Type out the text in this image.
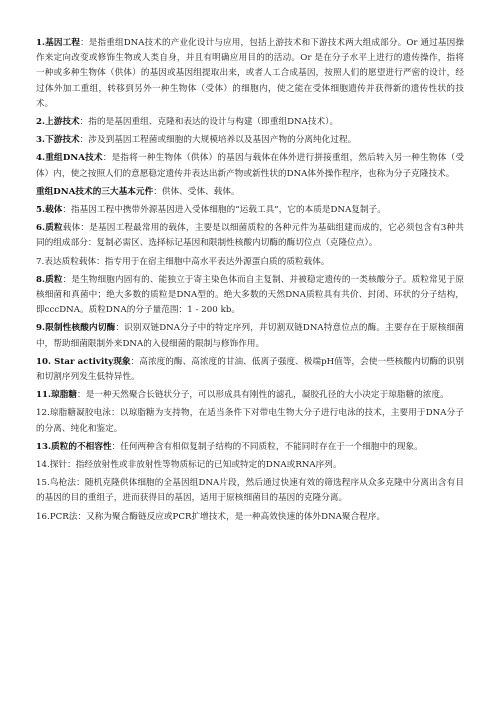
1.基因工程：是指重组DNA技术的产业化设计与应用，包括上游技术和下游技术两大组成部分。Or 通过基因操作来定向改变或修饰生物或人类自身，并且有明确应用目的的活动。Or 是在分子水平上进行的遗传操作，指将一种或多种生物体（供体）的基因或基因组提取出来，或者人工合成基因，按照人们的愿望进行严密的设计，经过体外加工重组，转移到另外一种生物体（受体）的细胞内，使之能在受体细胞遗传并获得新的遗传性状的技术。

2.上游技术：指的是基因重组、克隆和表达的设计与构建（即重组DNA技术）。

3.下游技术：涉及到基因工程菌或细胞的大规模培养以及基因产物的分离纯化过程。

4.重组DNA技术：是指将一种生物体（供体）的基因与载体在体外进行拼接重组，然后转入另一种生物体（受体）内，使之按照人们的意愿稳定遗传并表达出新产物或新性状的DNA体外操作程序，也称为分子克隆技术。

重组DNA技术的三大基本元件：供体、受体、载体。

5.载体：指基因工程中携带外源基因进入受体细胞的“运载工具”，它的本质是DNA复制子。

6.质粒载体：是基因工程最常用的载体，主要是以细菌质粒的各种元件为基础组建而成的，它必须包含有3种共同的组成部分：复制必需区、选择标记基因和限制性核酸内切酶的酶切位点（克隆位点）。

7.表达质粒载体：指专用于在宿主细胞中高水平表达外源蛋白质的质粒载体。

8.质粒：是生物细胞内固有的、能独立于寄主染色体而自主复制、并被稳定遗传的一类核酸分子。质粒常见于原核细菌和真菌中；绝大多数的质粒是DNA型的。绝大多数的天然DNA质粒具有共价、封闭、环状的分子结构，即cccDNA。质粒DNA的分子量范围：1 - 200 kb。

9.限制性核酸内切酶：识别双链DNA分子中的特定序列，并切割双链DNA特意位点的酶。主要存在于原核细菌中，帮助细菌限制外来DNA的入侵细菌的限制与修饰作用。

10. Star activity现象：高浓度的酶、高浓度的甘油、低离子强度、极端pH值等，会使一些核酸内切酶的识别和切割序列发生低特异性。

11.琼脂糖：是一种天然聚合长链状分子，可以形成具有刚性的滤孔，凝胶孔径的大小决定于琼脂糖的浓度。

12.琼脂糖凝胶电泳：以琼脂糖为支持物，在适当条件下对带电生物大分子进行电泳的技术，主要用于DNA分子的分离、纯化和鉴定。

13.质粒的不相容性：任何两种含有相似复制子结构的不同质粒，不能同时存在于一个细胞中的现象。

14.探针：指经放射性或非放射性等物质标记的已知或特定的DNA或RNA序列。

15.鸟枪法：随机克隆供体细胞的全基因组DNA片段，然后通过快速有效的筛选程序从众多克隆中分离出含有目的基因的目的重组子，进而获得目的基因，适用于原核细菌目的基因的克隆分离。

16.PCR法：又称为聚合酶链反应或PCR扩增技术，是一种高效快速的体外DNA聚合程序。
